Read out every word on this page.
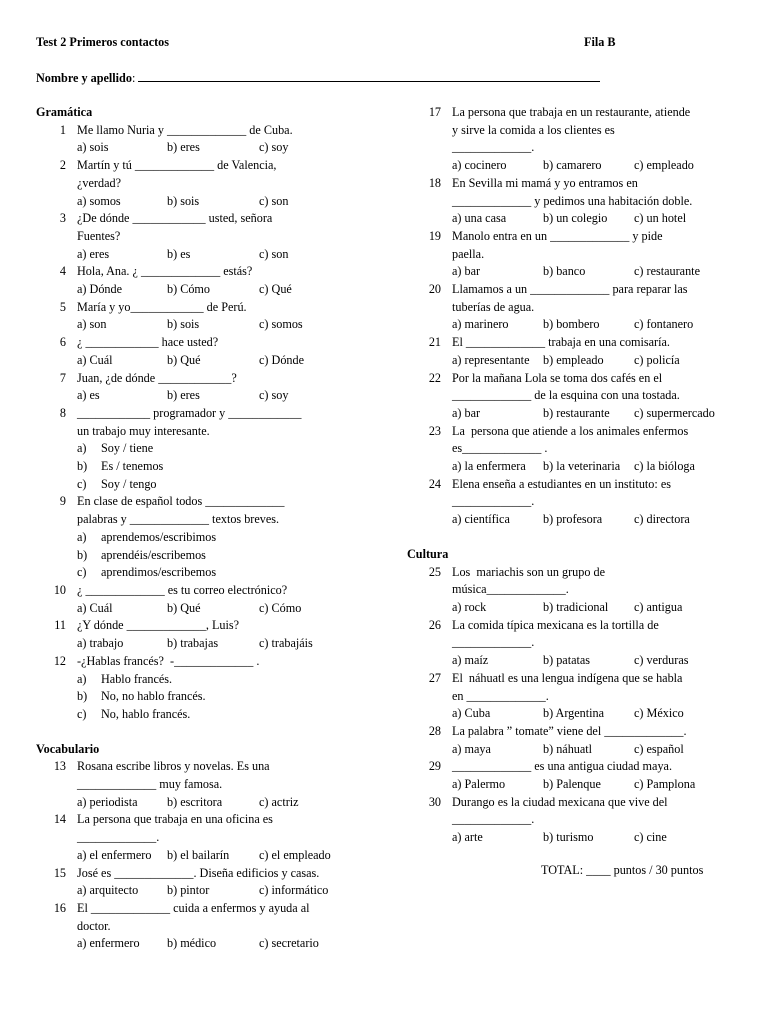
Test 2 Primeros contactos	Fila B
Nombre y apellido:
Gramática
1 Me llamo Nuria y _____________ de Cuba.
a) sois	b) eres	c) soy
2 Martín y tú _____________ de Valencia,
¿verdad?
a) somos	b) sois	c) son
3 ¿De dónde ____________ usted, señora
Fuentes?
a) eres	b) es	c) son
4 Hola, Ana. ¿ _____________ estás?
a) Dónde	b) Cómo	c) Qué
5 María y yo____________ de Perú.
a) son	b) sois	c) somos
6 ¿ ____________ hace usted?
a) Cuál	b) Qué	c) Dónde
7 Juan, ¿de dónde ____________?
a) es	b) eres	c) soy
8 ____________ programador y ____________
un trabajo muy interesante.
a)	Soy / tiene
b)	Es / tenemos
c)	Soy / tengo
9 En clase de español todos _____________
palabras y _____________ textos breves.
a)	aprendemos/escribimos
b)	aprendéis/escribemos
c)	aprendimos/escribemos
10 ¿ _____________ es tu correo electrónico?
a) Cuál	b) Qué	c) Cómo
11 ¿Y dónde _____________, Luis?
a) trabajo	b) trabajas	c) trabajáis
12 -¿Hablas francés?  -_____________ .
a)	Hablo francés.
b)	No, no hablo francés.
c)	No, hablo francés.
Vocabulario
13 Rosana escribe libros y novelas. Es una
_____________ muy famosa.
a) periodista	b) escritora	c) actriz
14 La persona que trabaja en una oficina es
_____________.
a) el enfermero	b) el bailarín	c) el empleado
15 José es _____________. Diseña edificios y casas.
a) arquitecto	b) pintor	c) informático
16 El _____________ cuida a enfermos y ayuda al
doctor.
a) enfermero	b) médico	c) secretario
17 La persona que trabaja en un restaurante, atiende
y sirve la comida a los clientes es
_____________.
a) cocinero	b) camarero	c) empleado
18 En Sevilla mi mamá y yo entramos en
_____________ y pedimos una habitación doble.
a) una casa	b) un colegio	c) un hotel
19 Manolo entra en un _____________ y pide
paella.
a) bar	b) banco	c) restaurante
20 Llamamos a un _____________ para reparar las
tuberías de agua.
a) marinero	b) bombero	c) fontanero
21 El _____________ trabaja en una comisaría.
a) representante	b) empleado	c) policía
22 Por la mañana Lola se toma dos cafés en el
_____________ de la esquina con una tostada.
a) bar	b) restaurante	c) supermercado
23 La  persona que atiende a los animales enfermos
es_____________ .
a) la enfermera	b) la veterinaria	c) la bióloga
24 Elena enseña a estudiantes en un instituto: es
_____________.
a) científica	b) profesora	c) directora
Cultura
25 Los  mariachis son un grupo de
música_____________.
a) rock	b) tradicional	c) antigua
26 La comida típica mexicana es la tortilla de
_____________.
a) maíz	b) patatas	c) verduras
27 El  náhuatl es una lengua indígena que se habla
en _____________.
a) Cuba	b) Argentina	c) México
28 La palabra ” tomate” viene del _____________.
a) maya	b) náhuatl	c) español
29 _____________ es una antigua ciudad maya.
a) Palermo	b) Palenque	c) Pamplona
30 Durango es la ciudad mexicana que vive del
_____________.
a) arte	b) turismo	c) cine
TOTAL: ____ puntos / 30 puntos
